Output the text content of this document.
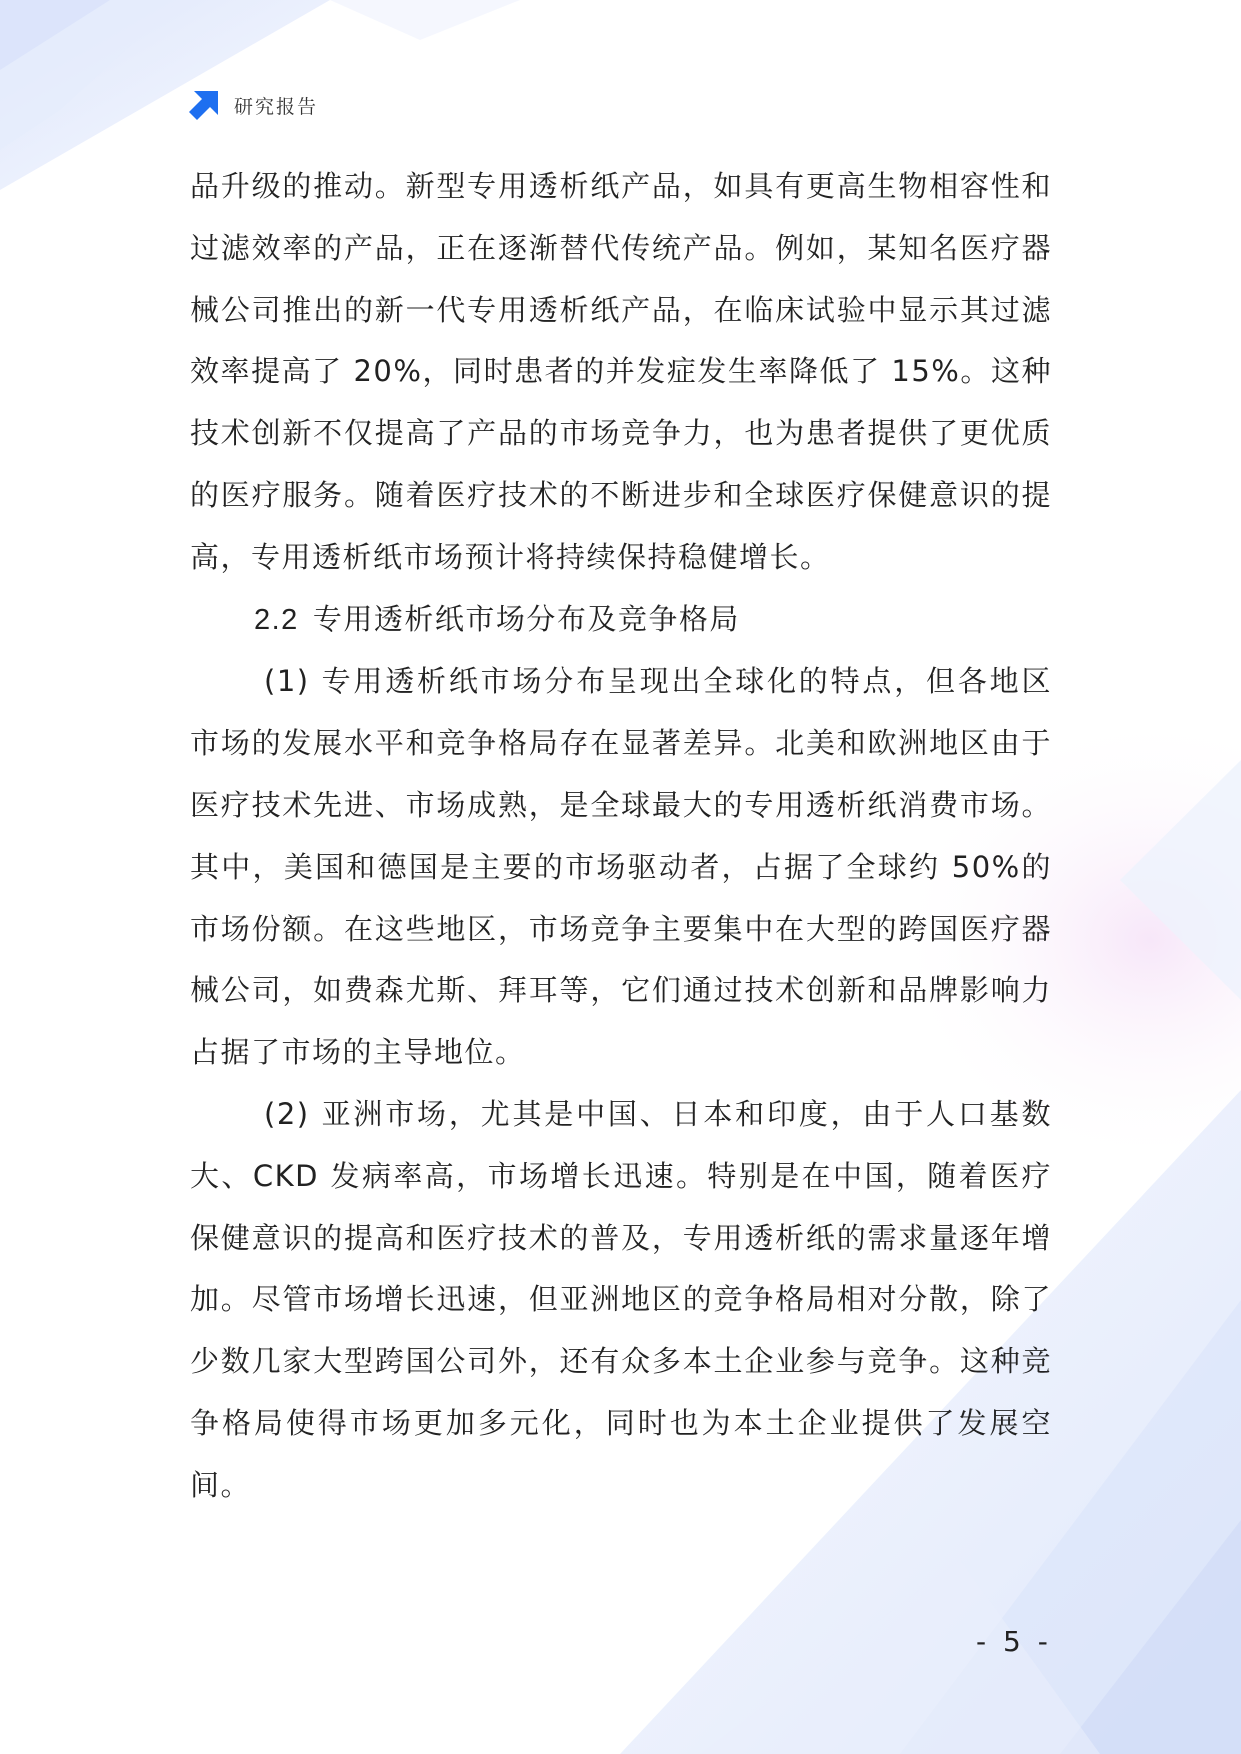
研究报告

品升级的推动。新型专用透析纸产品，如具有更高生物相容性和过滤效率的产品，正在逐渐替代传统产品。例如，某知名医疗器械公司推出的新一代专用透析纸产品，在临床试验中显示其过滤效率提高了 20%，同时患者的并发症发生率降低了 15%。这种技术创新不仅提高了产品的市场竞争力，也为患者提供了更优质的医疗服务。随着医疗技术的不断进步和全球医疗保健意识的提高，专用透析纸市场预计将持续保持稳健增长。

2.2 专用透析纸市场分布及竞争格局

(1) 专用透析纸市场分布呈现出全球化的特点，但各地区市场的发展水平和竞争格局存在显著差异。北美和欧洲地区由于医疗技术先进、市场成熟，是全球最大的专用透析纸消费市场。其中，美国和德国是主要的市场驱动者，占据了全球约 50%的市场份额。在这些地区，市场竞争主要集中在大型的跨国医疗器械公司，如费森尤斯、拜耳等，它们通过技术创新和品牌影响力占据了市场的主导地位。

(2) 亚洲市场，尤其是中国、日本和印度，由于人口基数大、CKD 发病率高，市场增长迅速。特别是在中国，随着医疗保健意识的提高和医疗技术的普及，专用透析纸的需求量逐年增加。尽管市场增长迅速，但亚洲地区的竞争格局相对分散，除了少数几家大型跨国公司外，还有众多本土企业参与竞争。这种竞争格局使得市场更加多元化，同时也为本土企业提供了发展空间。

- 5 -
